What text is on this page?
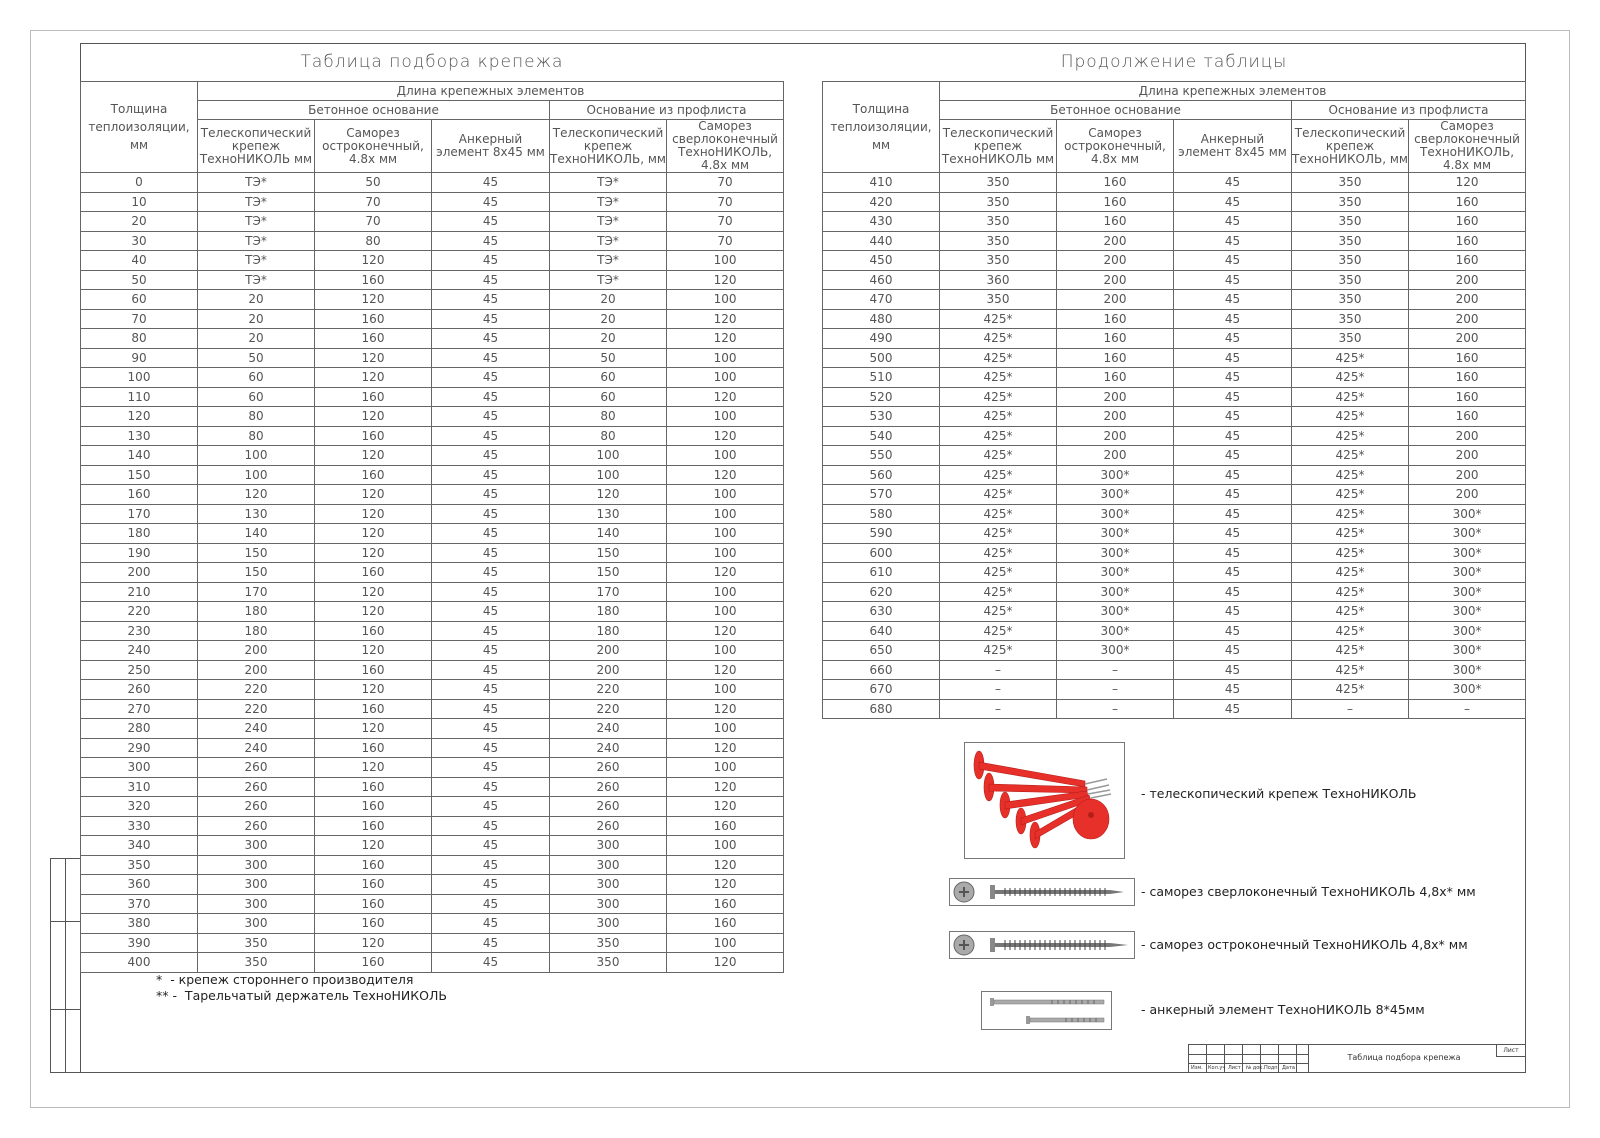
Таблица подбора крепежа
Толщина теплоизоляции, мм	Длина крепежных элементов				
	Бетонное основание			Основание из профлиста	
	Телескопический крепеж ТехноНИКОЛЬ мм	Саморез остроконечный, 4.8х мм	Анкерный элемент 8х45 мм	Телескопический крепеж ТехноНИКОЛЬ, мм	Саморез сверлоконечный ТехноНИКОЛЬ, 4.8х мм
0	ТЭ*	50	45	ТЭ*	70
10	ТЭ*	70	45	ТЭ*	70
20	ТЭ*	70	45	ТЭ*	70
30	ТЭ*	80	45	ТЭ*	70
40	ТЭ*	120	45	ТЭ*	100
50	ТЭ*	160	45	ТЭ*	120
60	20	120	45	20	100
70	20	160	45	20	120
80	20	160	45	20	120
90	50	120	45	50	100
100	60	120	45	60	100
110	60	160	45	60	120
120	80	120	45	80	100
130	80	160	45	80	120
140	100	120	45	100	100
150	100	160	45	100	120
160	120	120	45	120	100
170	130	120	45	130	100
180	140	120	45	140	100
190	150	120	45	150	100
200	150	160	45	150	120
210	170	120	45	170	100
220	180	120	45	180	100
230	180	160	45	180	120
240	200	120	45	200	100
250	200	160	45	200	120
260	220	120	45	220	100
270	220	160	45	220	120
280	240	120	45	240	100
290	240	160	45	240	120
300	260	120	45	260	100
310	260	160	45	260	120
320	260	160	45	260	120
330	260	160	45	260	160
340	300	120	45	300	100
350	300	160	45	300	120
360	300	160	45	300	120
370	300	160	45	300	160
380	300	160	45	300	160
390	350	120	45	350	100
400	350	160	45	350	120
Продолжение таблицы
Толщина теплоизоляции, мм	Длина крепежных элементов				
	Бетонное основание			Основание из профлиста	
	Телескопический крепеж ТехноНИКОЛЬ мм	Саморез остроконечный, 4.8х мм	Анкерный элемент 8х45 мм	Телескопический крепеж ТехноНИКОЛЬ, мм	Саморез сверлоконечный ТехноНИКОЛЬ, 4.8х мм
410	350	160	45	350	120
420	350	160	45	350	160
430	350	160	45	350	160
440	350	200	45	350	160
450	350	200	45	350	160
460	360	200	45	350	200
470	350	200	45	350	200
480	425*	160	45	350	200
490	425*	160	45	350	200
500	425*	160	45	425*	160
510	425*	160	45	425*	160
520	425*	200	45	425*	160
530	425*	200	45	425*	160
540	425*	200	45	425*	200
550	425*	200	45	425*	200
560	425*	300*	45	425*	200
570	425*	300*	45	425*	200
580	425*	300*	45	425*	300*
590	425*	300*	45	425*	300*
600	425*	300*	45	425*	300*
610	425*	300*	45	425*	300*
620	425*	300*	45	425*	300*
630	425*	300*	45	425*	300*
640	425*	300*	45	425*	300*
650	425*	300*	45	425*	300*
660	–	–	45	425*	300*
670	–	–	45	425*	300*
680	–	–	45	–	–
*  - крепеж стороннего производителя
** -  Тарельчатый держатель ТехноНИКОЛЬ
- телескопический крепеж ТехноНИКОЛЬ
- саморез сверлоконечный ТехноНИКОЛЬ 4,8х* мм
- саморез остроконечный ТехноНИКОЛЬ 4,8х* мм
- анкерный элемент ТехноНИКОЛЬ 8*45мм
Изм. Кол.уч Лист № док. Подп. Дата
Таблица подбора крепежа
Лист
